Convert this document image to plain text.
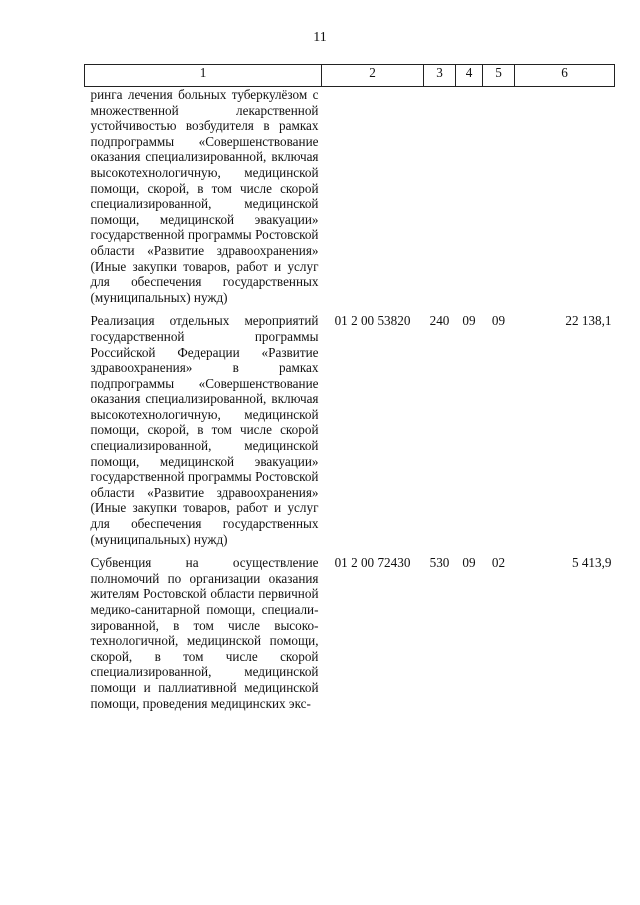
11
1	2	3	4	5	6
ринга лечения больных туберкулёзом с множественной лекарственной устойчивостью возбудителя в рамках подпрограммы «Совершенствование оказания специализированной, включая высокотехнологичную, медицинской помощи, скорой, в том числе скорой специализированной, медицинской помощи, медицинской эвакуации» государственной программы Ростовской области «Развитие здравоохранения» (Иные закупки товаров, работ и услуг для обеспечения государственных (муниципальных) нужд)					
Реализация отдельных мероприятий государственной программы Российской Федерации «Развитие здравоохранения» в рамках подпрограммы «Совершенствование оказания специализированной, включая высокотехнологичную, медицинской помощи, скорой, в том числе скорой специализированной, медицинской помощи, медицинской эвакуации» государственной программы Ростовской области «Развитие здравоохранения» (Иные закупки товаров, работ и услуг для обеспечения государственных (муниципальных) нужд)	01 2 00 53820	240	09	09	22 138,1
Субвенция на осуществление полномочий по организации оказания жителям Ростовской области первичной медико-санитарной помощи, специализированной, в том числе высокотехнологичной, медицинской помощи, скорой, в том числе скорой специализированной, медицинской помощи и паллиативной медицинской помощи, проведения медицинских экс-	01 2 00 72430	530	09	02	5 413,9
